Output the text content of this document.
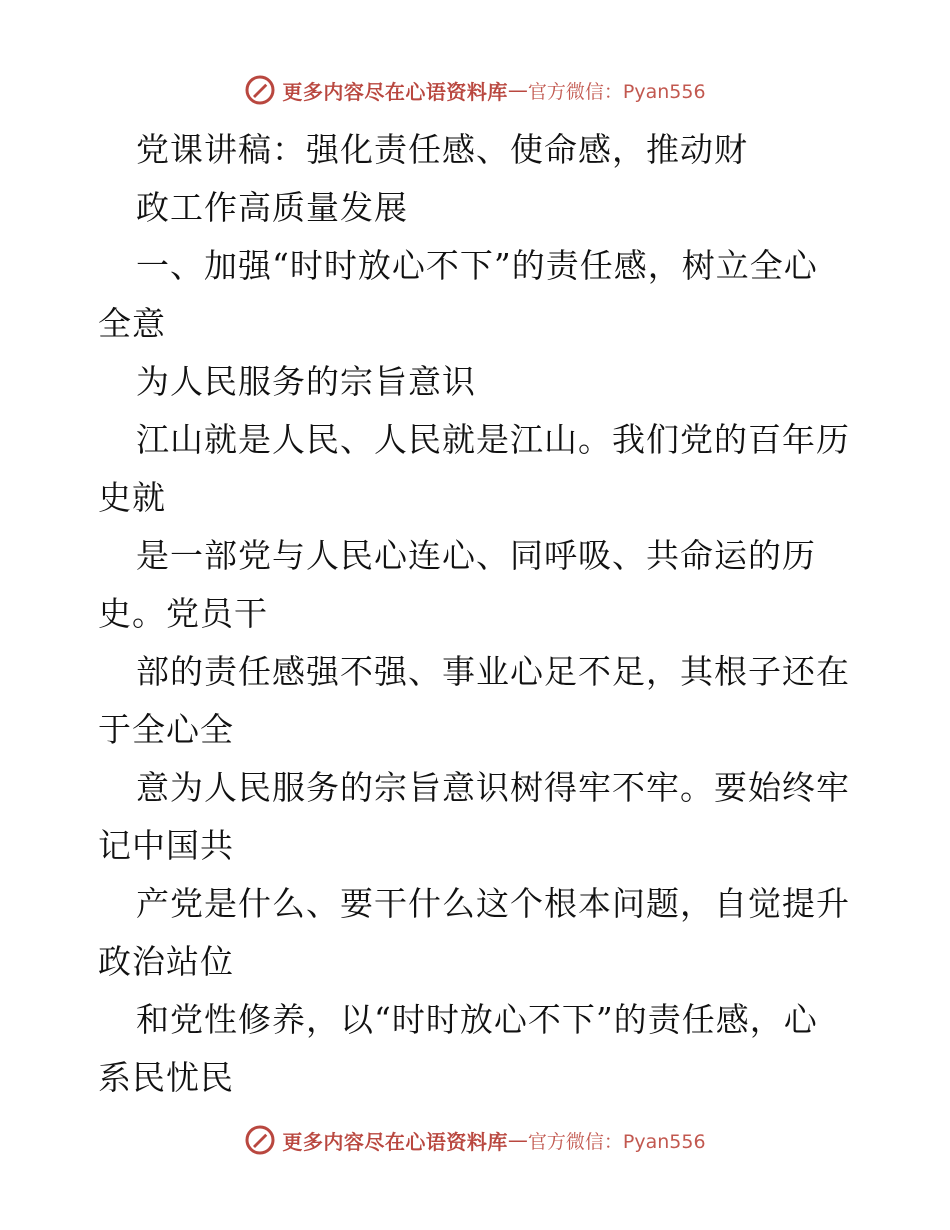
更多内容尽在心语资料库 — 官方微信：Pyan556
党课讲稿：强化责任感、使命感，推动财
政工作高质量发展
一、加强“时时放心不下”的责任感，树立全心
全意
为人民服务的宗旨意识
江山就是人民、人民就是江山。我们党的百年历
史就
是一部党与人民心连心、同呼吸、共命运的历
史。党员干
部的责任感强不强、事业心足不足，其根子还在
于全心全
意为人民服务的宗旨意识树得牢不牢。要始终牢
记中国共
产党是什么、要干什么这个根本问题，自觉提升
政治站位
和党性修养，以“时时放心不下”的责任感，心
系民忧民
更多内容尽在心语资料库 — 官方微信：Pyan556
